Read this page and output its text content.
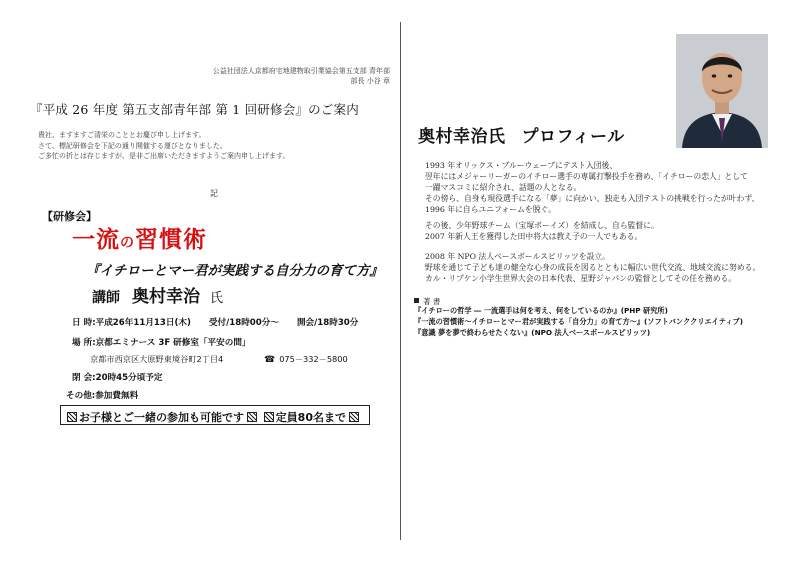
公益社団法人京都府宅地建物取引業協会第五支部 青年部
部長 小谷 章
『平成 26 年度 第五支部青年部 第 1 回研修会』のご案内
貴社、ますますご清栄のこととお慶び申し上げます。
さて、標記研修会を下記の通り開催する運びとなりました。
ご多忙の折とは存じますが、是非ご出席いただきますようご案内申し上げます。
記
【研修会】
一流の習慣術
『イチローとマー君が実践する自分力の育て方』
講師 奥村幸治 氏
日 時:平成26年11月13日(木) 受付/18時00分～ 開会/18時30分
場 所:京都エミナース 3F 研修室「平安の間」
京都市西京区大原野東境谷町2丁目4	☎ 075－332－5800
閉 会:20時45分頃予定
その他:参加費無料
お子様とご一緒の参加も可能です	定員80名まで
奥村幸治氏 プロフィール
1993 年オリックス・ブルーウェーブにテスト入団後、
翌年にはメジャーリーガーのイチロー選手の専属打撃投手を務め、「イチローの恋人」として
一躍マスコミに紹介され、話題の人となる。
その傍ら、自身も現役選手になる「夢」に向かい、独走も入団テストの挑戦を行ったが叶わず、
1996 年に自らユニフォームを脱ぐ。
その後、少年野球チーム（宝塚ボーイズ）を結成し、自ら監督に。
2007 年新人王を獲得した田中将大は教え子の一人でもある。
2008 年 NPO 法人ベースボールスピリッツを設立。
野球を通じて子ども達の健全な心身の成長を図るとともに幅広い世代交流、地域交流に努める。
カル・リプケン小学生世界大会の日本代表、星野ジャパンの監督としてその任を務める。
著 書
『イチローの哲学 ― 一流選手は何を考え、何をしているのか』(PHP 研究所)
『一流の習慣術～イチローとマー君が実践する「自分力」の育て方～』(ソフトバンククリエイティブ)
『意識 夢を夢で終わらせたくない』(NPO 法人ベースボールスピリッツ)
